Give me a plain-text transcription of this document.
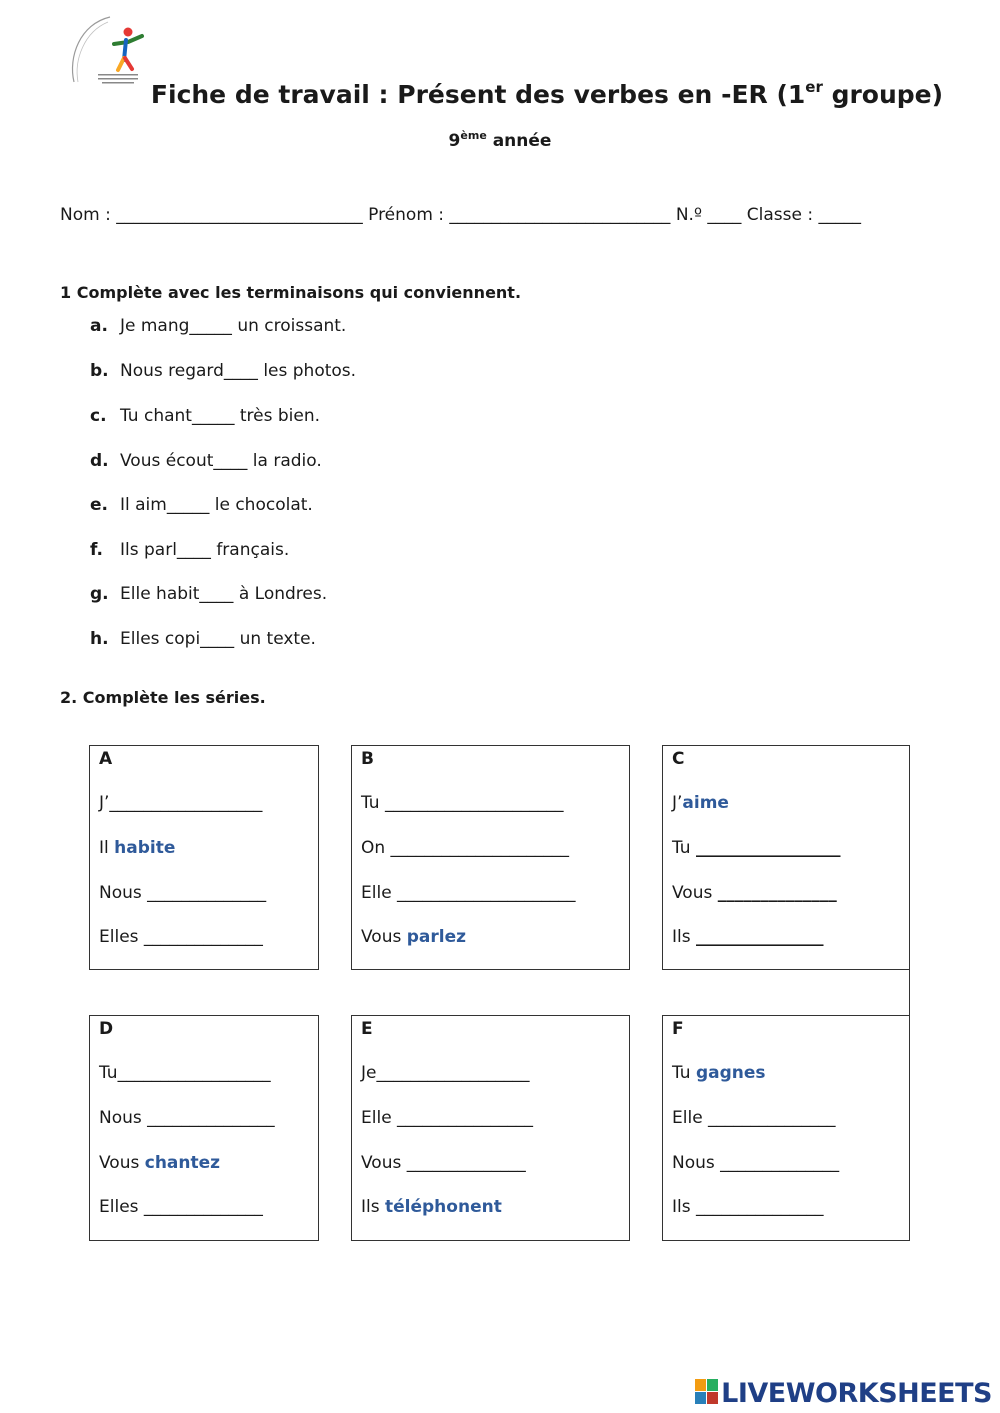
Fiche de travail : Présent des verbes en -ER (1er groupe)
9ème année
Nom : _____________________________ Prénom : __________________________ N.º ____ Classe : _____
1 Complète avec les terminaisons qui conviennent.
a. Je mang_____ un croissant.
b. Nous regard____ les photos.
c. Tu chant_____ très bien.
d. Vous écout____ la radio.
e. Il aim_____ le chocolat.
f. Ils parl____ français.
g. Elle habit____ à Londres.
h. Elles copi____ un texte.
2. Complète les séries.
A
J’__________________
Il habite
Nous ______________
Elles ______________
B
Tu _____________________
On _____________________
Elle _____________________
Vous parlez
C
J’aime
Tu _________________
Vous ______________
Ils _______________
D
Tu__________________
Nous _______________
Vous chantez
Elles ______________
E
Je__________________
Elle ________________
Vous ______________
Ils téléphonent
F
Tu gagnes
Elle _______________
Nous ______________
Ils _______________
LIVEWORKSHEETS
